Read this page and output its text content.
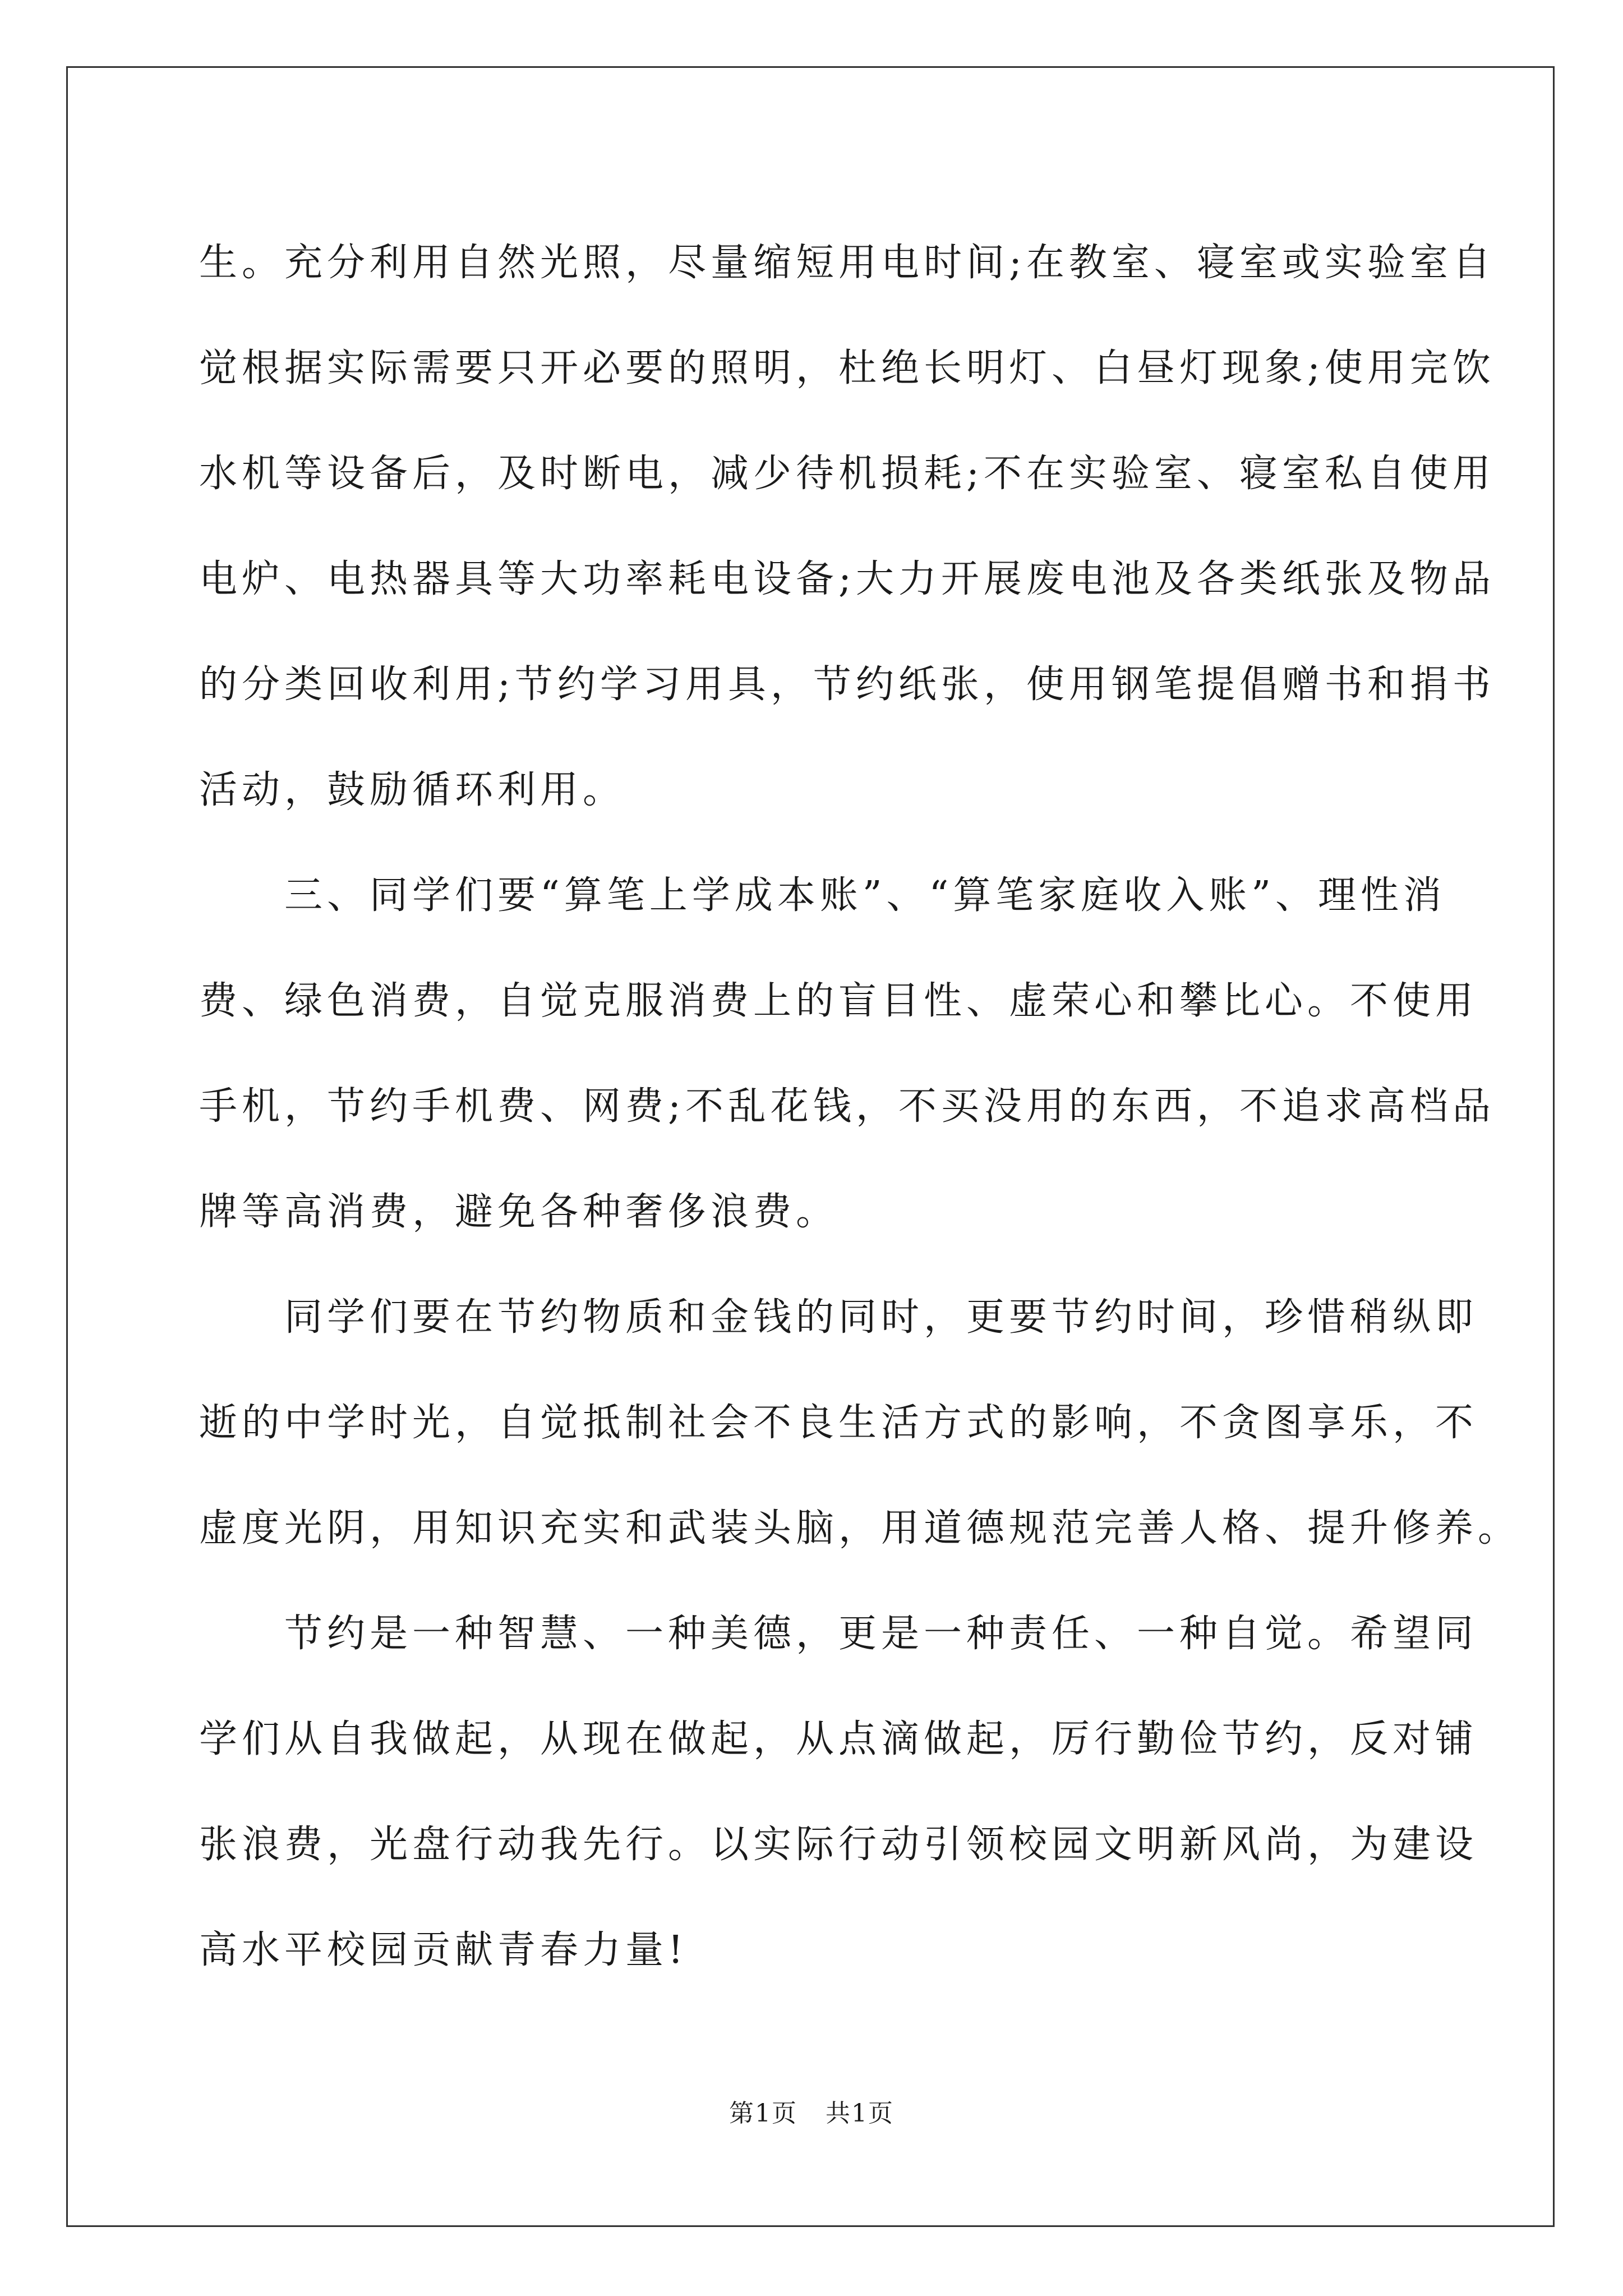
生。充分利用自然光照，尽量缩短用电时间;在教室、寝室或实验室自
觉根据实际需要只开必要的照明，杜绝长明灯、白昼灯现象;使用完饮
水机等设备后，及时断电，减少待机损耗;不在实验室、寝室私自使用
电炉、电热器具等大功率耗电设备;大力开展废电池及各类纸张及物品
的分类回收利用;节约学习用具，节约纸张，使用钢笔提倡赠书和捐书
活动，鼓励循环利用。
三、同学们要“算笔上学成本账”、“算笔家庭收入账”、理性消
费、绿色消费，自觉克服消费上的盲目性、虚荣心和攀比心。不使用
手机，节约手机费、网费;不乱花钱，不买没用的东西，不追求高档品
牌等高消费，避免各种奢侈浪费。
同学们要在节约物质和金钱的同时，更要节约时间，珍惜稍纵即
逝的中学时光，自觉抵制社会不良生活方式的影响，不贪图享乐，不
虚度光阴，用知识充实和武装头脑，用道德规范完善人格、提升修养。
节约是一种智慧、一种美德，更是一种责任、一种自觉。希望同
学们从自我做起，从现在做起，从点滴做起，厉行勤俭节约，反对铺
张浪费，光盘行动我先行。以实际行动引领校园文明新风尚，为建设
高水平校园贡献青春力量!
第1页 共1页
